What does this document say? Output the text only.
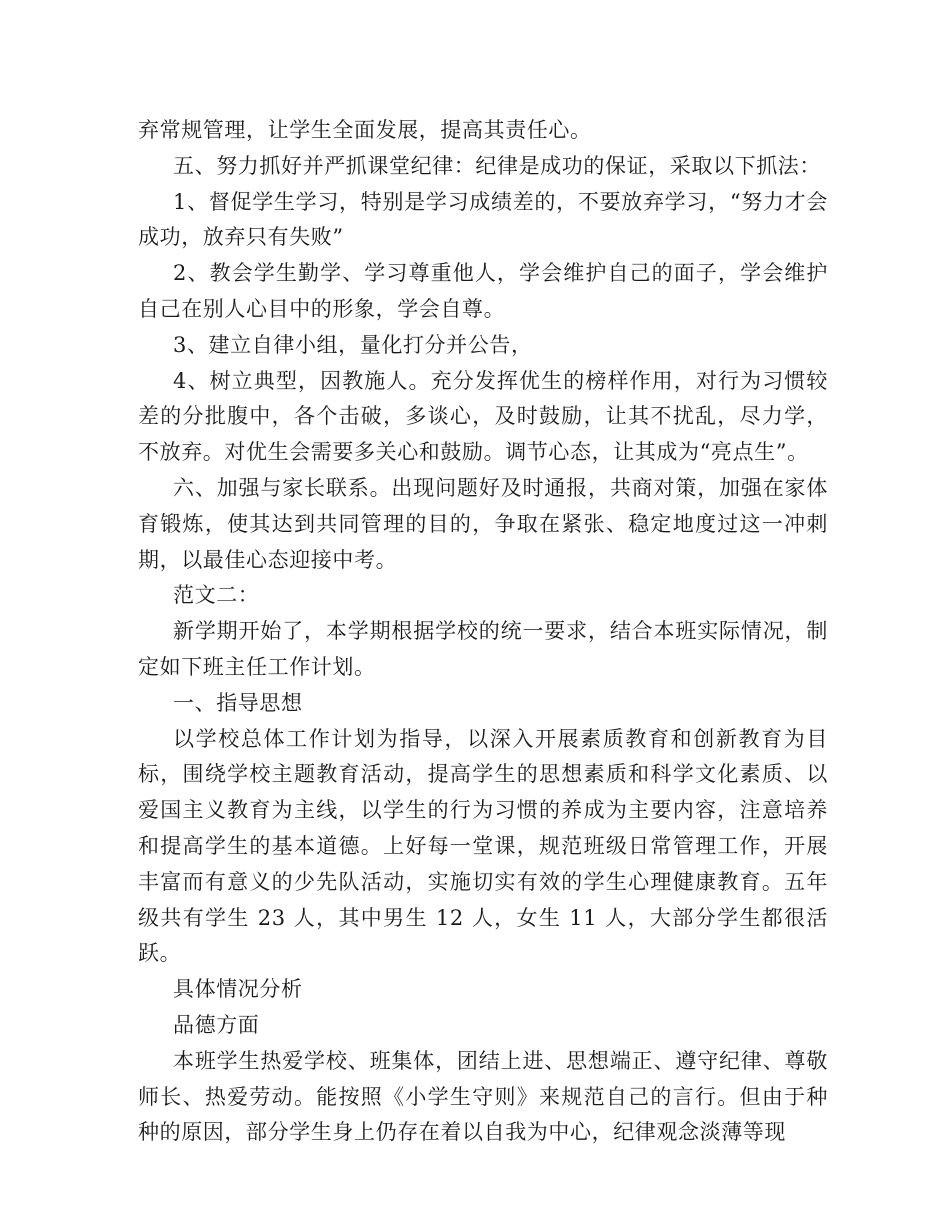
弃常规管理，让学生全面发展，提高其责任心。

五、努力抓好并严抓课堂纪律：纪律是成功的保证，采取以下抓法：

1、督促学生学习，特别是学习成绩差的，不要放弃学习，“努力才会成功，放弃只有失败”

2、教会学生勤学、学习尊重他人，学会维护自己的面子，学会维护自己在别人心目中的形象，学会自尊。

3、建立自律小组，量化打分并公告，

4、树立典型，因教施人。充分发挥优生的榜样作用，对行为习惯较差的分批腹中，各个击破，多谈心，及时鼓励，让其不扰乱，尽力学，不放弃。对优生会需要多关心和鼓励。调节心态，让其成为“亮点生”。

六、加强与家长联系。出现问题好及时通报，共商对策，加强在家体育锻炼，使其达到共同管理的目的，争取在紧张、稳定地度过这一冲刺期，以最佳心态迎接中考。

范文二：

新学期开始了，本学期根据学校的统一要求，结合本班实际情况，制定如下班主任工作计划。

一、指导思想

以学校总体工作计划为指导，以深入开展素质教育和创新教育为目标，围绕学校主题教育活动，提高学生的思想素质和科学文化素质、以爱国主义教育为主线，以学生的行为习惯的养成为主要内容，注意培养和提高学生的基本道德。上好每一堂课，规范班级日常管理工作，开展丰富而有意义的少先队活动，实施切实有效的学生心理健康教育。五年级共有学生 23 人，其中男生 12 人，女生 11 人，大部分学生都很活跃。

具体情况分析

品德方面

本班学生热爱学校、班集体，团结上进、思想端正、遵守纪律、尊敬师长、热爱劳动。能按照《小学生守则》来规范自己的言行。但由于种种的原因，部分学生身上仍存在着以自我为中心，纪律观念淡薄等现
